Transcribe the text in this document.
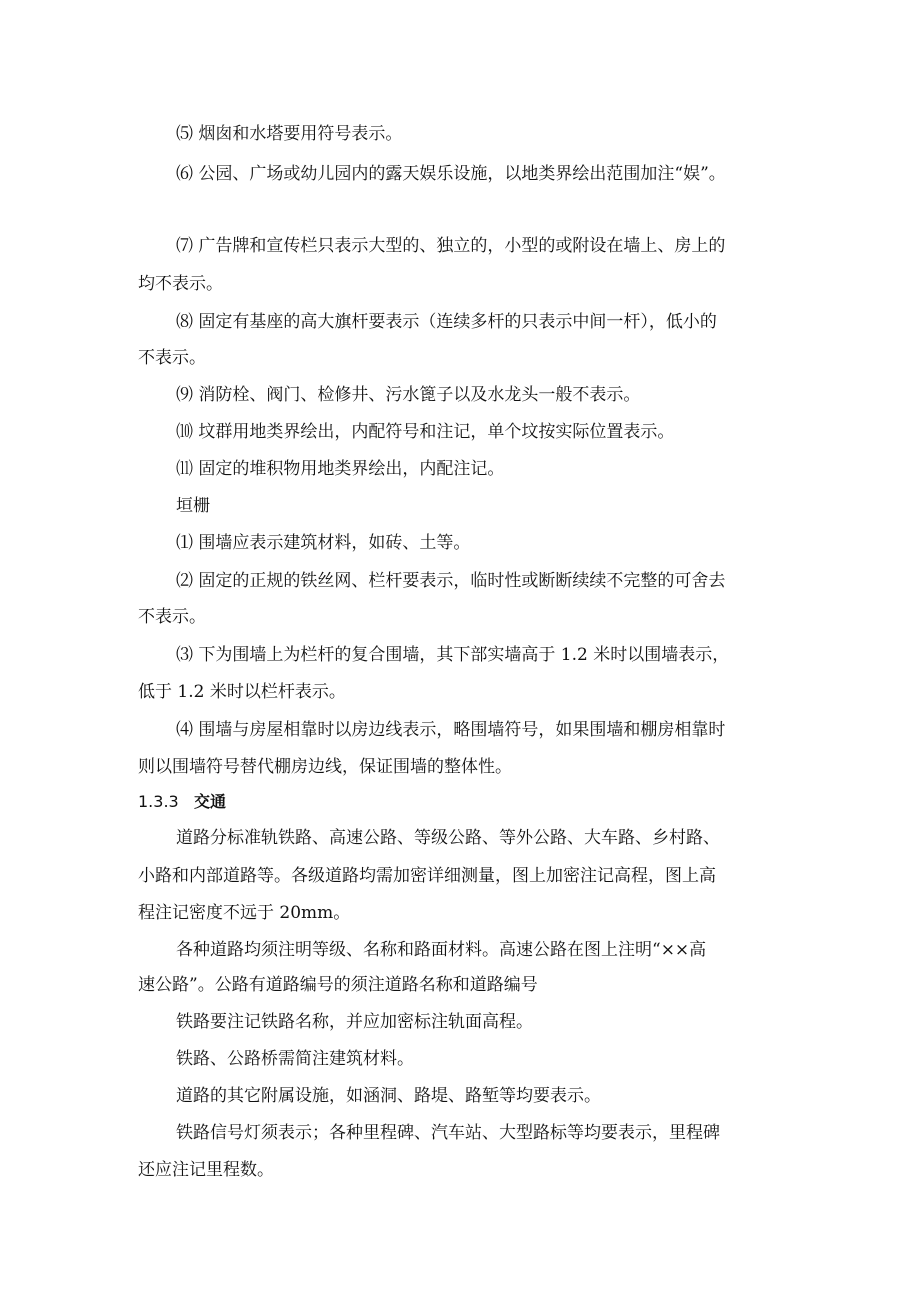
⑸ 烟囱和水塔要用符号表示。
⑹ 公园、广场或幼儿园内的露天娱乐设施，以地类界绘出范围加注“娱”。
⑺ 广告牌和宣传栏只表示大型的、独立的，小型的或附设在墙上、房上的
均不表示。
⑻ 固定有基座的高大旗杆要表示（连续多杆的只表示中间一杆），低小的
不表示。
⑼ 消防栓、阀门、检修井、污水篦子以及水龙头一般不表示。
⑽ 坟群用地类界绘出，内配符号和注记，单个坟按实际位置表示。
⑾ 固定的堆积物用地类界绘出，内配注记。
垣栅
⑴ 围墙应表示建筑材料，如砖、土等。
⑵ 固定的正规的铁丝网、栏杆要表示，临时性或断断续续不完整的可舍去
不表示。
⑶ 下为围墙上为栏杆的复合围墙，其下部实墙高于 1.2 米时以围墙表示，
低于 1.2 米时以栏杆表示。
⑷ 围墙与房屋相靠时以房边线表示，略围墙符号，如果围墙和棚房相靠时
则以围墙符号替代棚房边线，保证围墙的整体性。
1.3.3 交通
道路分标准轨铁路、高速公路、等级公路、等外公路、大车路、乡村路、
小路和内部道路等。各级道路均需加密详细测量，图上加密注记高程，图上高
程注记密度不远于 20mm。
各种道路均须注明等级、名称和路面材料。高速公路在图上注明“××高
速公路”。公路有道路编号的须注道路名称和道路编号
铁路要注记铁路名称，并应加密标注轨面高程。
铁路、公路桥需简注建筑材料。
道路的其它附属设施，如涵洞、路堤、路堑等均要表示。
铁路信号灯须表示；各种里程碑、汽车站、大型路标等均要表示，里程碑
还应注记里程数。
